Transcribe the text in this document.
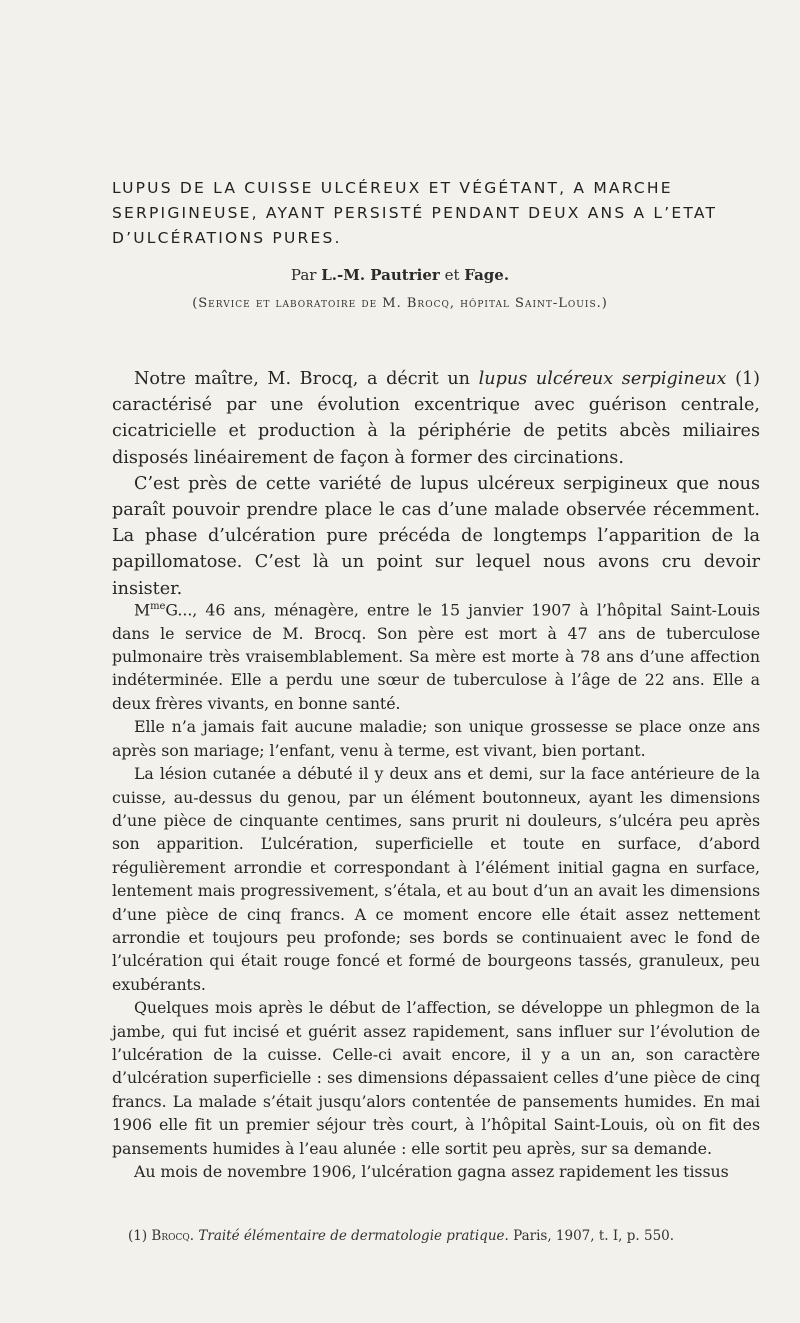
LUPUS DE LA CUISSE ULCÉREUX ET VÉGÉTANT, A MARCHE SERPIGINEUSE, AYANT PERSISTÉ PENDANT DEUX ANS A L’ETAT D’ULCÉRATIONS PURES.

Par L.-M. Pautrier et Fage.

(Service et laboratoire de M. Brocq, hôpital Saint-Louis.)

Notre maître, M. Brocq, a décrit un lupus ulcéreux serpigineux (1) caractérisé par une évolution excentrique avec guérison centrale, cicatricielle et production à la périphérie de petits abcès miliaires disposés linéairement de façon à former des circinations.

C’est près de cette variété de lupus ulcéreux serpigineux que nous paraît pouvoir prendre place le cas d’une malade observée récemment. La phase d’ulcération pure précéda de longtemps l’apparition de la papillomatose. C’est là un point sur lequel nous avons cru devoir insister.

$M^{me}G$..., 46 ans, ménagère, entre le 15 janvier 1907 à l’hôpital Saint-Louis dans le service de M. Brocq. Son père est mort à 47 ans de tuberculose pulmonaire très vraisemblablement. Sa mère est morte à 78 ans d’une affection indéterminée. Elle a perdu une sœur de tuberculose à l’âge de 22 ans. Elle a deux frères vivants, en bonne santé.

Elle n’a jamais fait aucune maladie; son unique grossesse se place onze ans après son mariage; l’enfant, venu à terme, est vivant, bien portant.

La lésion cutanée a débuté il y deux ans et demi, sur la face antérieure de la cuisse, au-dessus du genou, par un élément boutonneux, ayant les dimensions d’une pièce de cinquante centimes, sans prurit ni douleurs, s’ulcéra peu après son apparition. L’ulcération, superficielle et toute en surface, d’abord régulièrement arrondie et correspondant à l’élément initial gagna en surface, lentement mais progressivement, s’étala, et au bout d’un an avait les dimensions d’une pièce de cinq francs. A ce moment encore elle était assez nettement arrondie et toujours peu profonde; ses bords se continuaient avec le fond de l’ulcération qui était rouge foncé et formé de bourgeons tassés, granuleux, peu exubérants.

Quelques mois après le début de l’affection, se développe un phlegmon de la jambe, qui fut incisé et guérit assez rapidement, sans influer sur l’évolution de l’ulcération de la cuisse. Celle-ci avait encore, il y a un an, son caractère d’ulcération superficielle : ses dimensions dépassaient celles d’une pièce de cinq francs. La malade s’était jusqu’alors contentée de pansements humides. En mai 1906 elle fit un premier séjour très court, à l’hôpital Saint-Louis, où on fit des pansements humides à l’eau alunée : elle sortit peu après, sur sa demande.

Au mois de novembre 1906, l’ulcération gagna assez rapidement les tissus

(1) Brocq. Traité élémentaire de dermatologie pratique. Paris, 1907, t. I, p. 550.
